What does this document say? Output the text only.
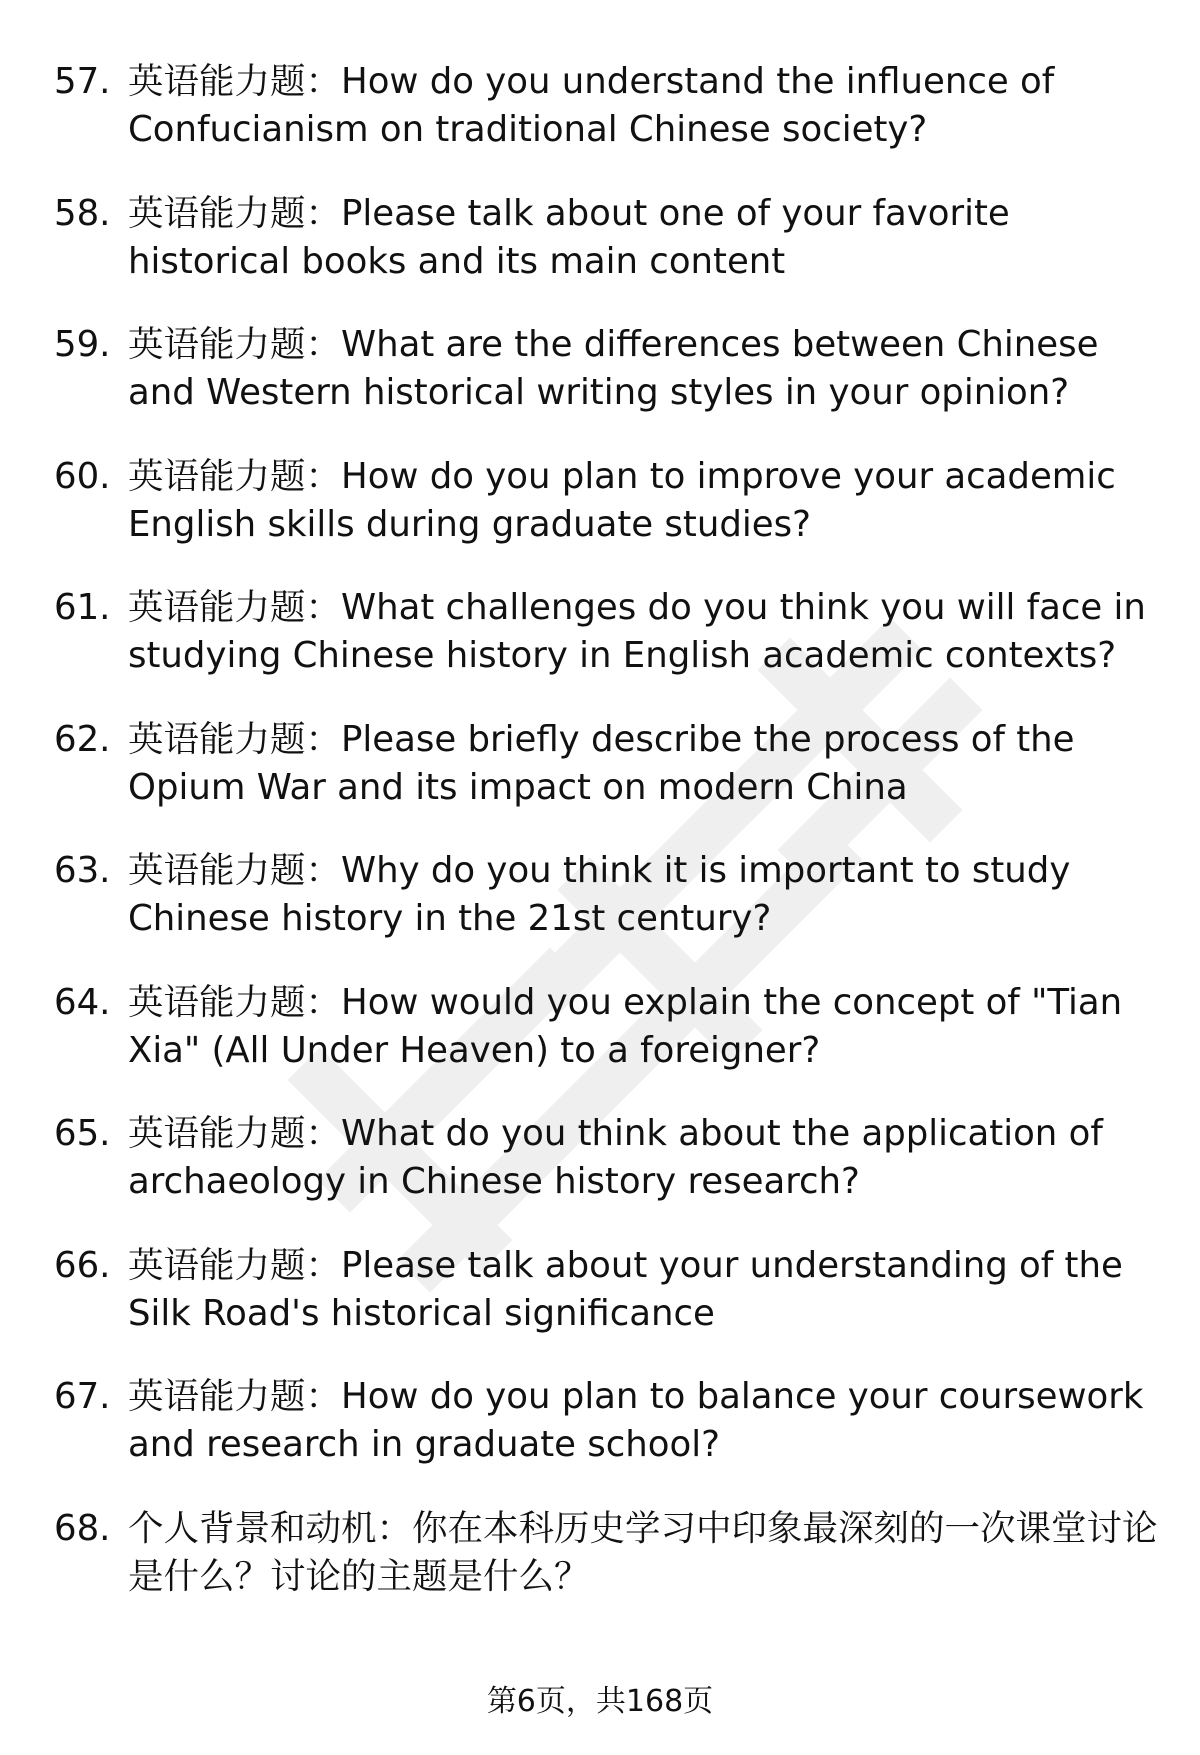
57. 英语能力题：How do you understand the influence of Confucianism on traditional Chinese society?
58. 英语能力题：Please talk about one of your favorite historical books and its main content
59. 英语能力题：What are the differences between Chinese and Western historical writing styles in your opinion?
60. 英语能力题：How do you plan to improve your academic English skills during graduate studies?
61. 英语能力题：What challenges do you think you will face in studying Chinese history in English academic contexts?
62. 英语能力题：Please briefly describe the process of the Opium War and its impact on modern China
63. 英语能力题：Why do you think it is important to study Chinese history in the 21st century?
64. 英语能力题：How would you explain the concept of "Tian Xia" (All Under Heaven) to a foreigner?
65. 英语能力题：What do you think about the application of archaeology in Chinese history research?
66. 英语能力题：Please talk about your understanding of the Silk Road's historical significance
67. 英语能力题：How do you plan to balance your coursework and research in graduate school?
68. 个人背景和动机：你在本科历史学习中印象最深刻的一次课堂讨论是什么？讨论的主题是什么？
第6页，共168页
